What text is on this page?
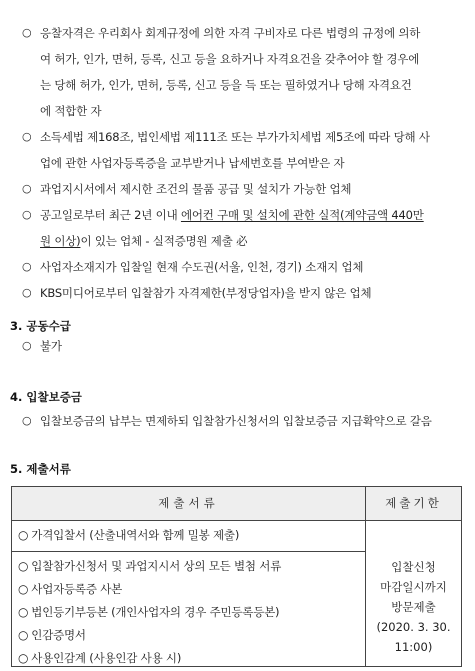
○ 응찰자격은 우리회사 회계규정에 의한 자격 구비자로 다른 법령의 규정에 의하
여 허가, 인가, 면허, 등록, 신고 등을 요하거나 자격요건을 갖추어야 할 경우에
는 당해 허가, 인가, 면허, 등록, 신고 등을 득 또는 필하였거나 당해 자격요건
에 적합한 자
○ 소득세법 제168조, 법인세법 제111조 또는 부가가치세법 제5조에 따라 당해 사
업에 관한 사업자등록증을 교부받거나 납세번호를 부여받은 자
○ 과업지시서에서 제시한 조건의 물품 공급 및 설치가 가능한 업체
○ 공고일로부터 최근 2년 이내 에어컨 구매 및 설치에 관한 실적(계약금액 440만
원 이상)이 있는 업체 - 실적증명원 제출 必
○ 사업자소재지가 입찰일 현재 수도권(서울, 인천, 경기) 소재지 업체
○ KBS미디어로부터 입찰참가 자격제한(부정당업자)을 받지 않은 업체
3. 공동수급
○ 불가
4. 입찰보증금
○ 입찰보증금의 납부는 면제하되 입찰참가신청서의 입찰보증금 지급확약으로 갈음
5. 제출서류
제출서류	제출기한
○ 가격입찰서 (산출내역서와 함께 밀봉 제출)
○ 입찰참가신청서 및 과업지시서 상의 모든 별첨 서류
○ 사업자등록증 사본
○ 법인등기부등본 (개인사업자의 경우 주민등록등본)
○ 인감증명서
○ 사용인감계 (사용인감 사용 시)
입찰신청
마감일시까지
방문제출
(2020. 3. 30.
11:00)
